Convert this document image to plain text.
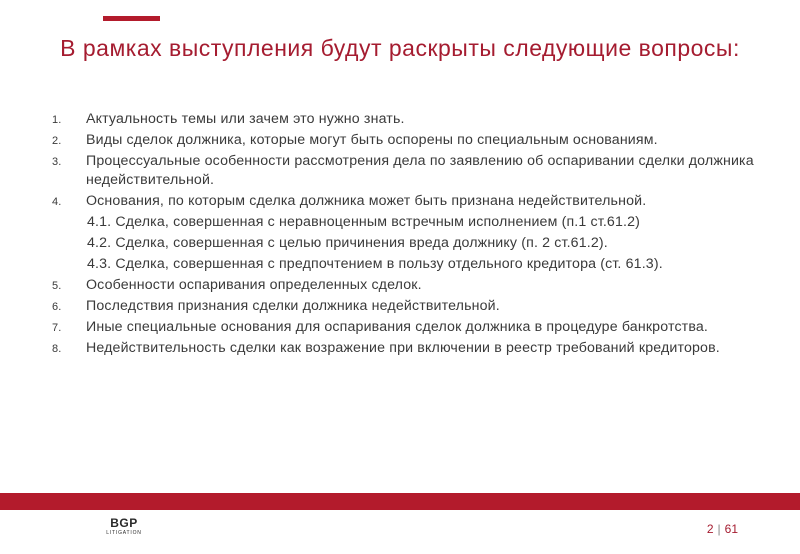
В рамках выступления будут раскрыты следующие вопросы:
1. Актуальность темы или зачем это нужно знать.
2. Виды сделок должника, которые могут быть оспорены по специальным основаниям.
3. Процессуальные особенности рассмотрения дела по заявлению об оспаривании сделки должника недействительной.
4. Основания, по которым сделка должника может быть признана недействительной.
4.1. Сделка, совершенная с неравноценным встречным исполнением (п.1 ст.61.2)
4.2. Сделка, совершенная с целью причинения вреда должнику (п. 2 ст.61.2).
4.3. Сделка, совершенная с предпочтением в пользу отдельного кредитора (ст. 61.3).
5. Особенности оспаривания определенных сделок.
6. Последствия признания сделки должника недействительной.
7. Иные специальные основания для оспаривания сделок должника в процедуре банкротства.
8. Недействительность сделки как возражение при включении в реестр требований кредиторов.
BGP
LITIGATION	2 | 61
